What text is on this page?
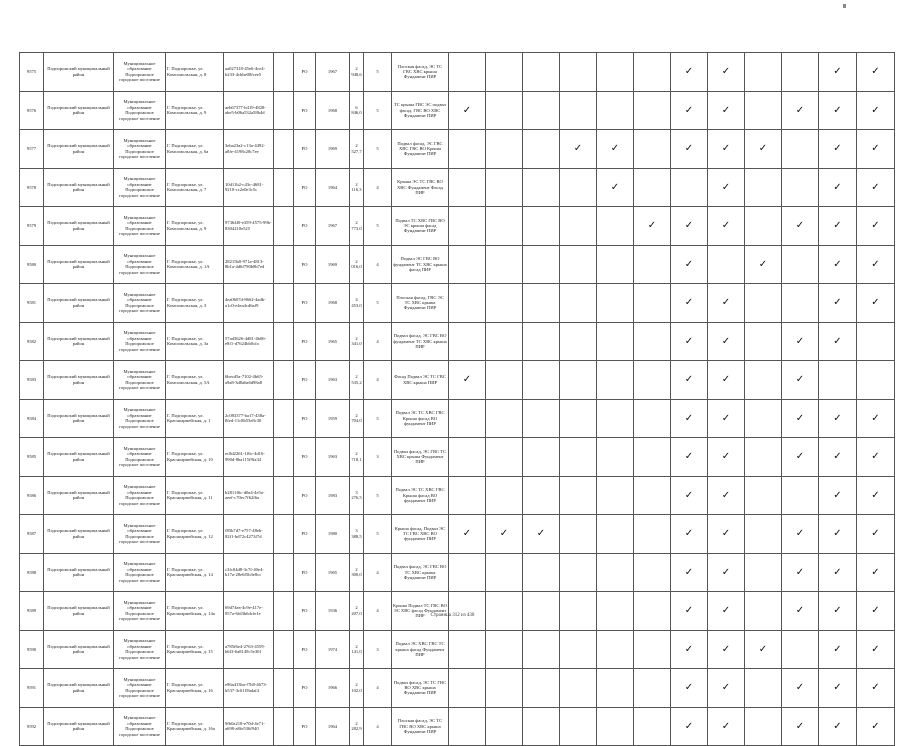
9575	Подпорожский муниципальный район	Муниципальное образование Подпорожское городское поселение	Г. Подпорожье, ул. Комсомольская, д. 8	aa027318-45e6-4ce4-b233-4cbbe08fcee5		РО	1967	2 948,6	5	Плоская фасад, ЭС ТС ГВС ХВС крыша Фундамент ПИР							✓	✓			✓	✓
9576	Подпорожский муниципальный район	Муниципальное образование Подпорожское городское поселение	Г. Подпорожье, ул. Комсомольская, д. 9	aeb67377-b419-4828-abe5-b06a532a58b4d		РО	1968	6 846,0	5	ТС крыша ГВС ЭС подвал фасад, ГВС ВО ХВС Фундамент ПИР	✓						✓	✓		✓	✓	✓
9577	Подпорожский муниципальный район	Муниципальное образование Подпорожское городское поселение	Г. Подпорожье, ул. Комсомольская, д. 6а	3eba23a2-c13a-4492-a8fe-4198c28c7ee		РО	1969	2 527,7	5	Подвал фасад, ЭС ГВС ХВС ГВС ВО Крыша Фундамент ПИР				✓	✓		✓	✓	✓		✓	✓
9578	Подпорожский муниципальный район	Муниципальное образование Подпорожское городское поселение	Г. Подпорожье, ул. Комсомольская, д. 7	10d11b2-c43c-4681-9210-cc2e0e3c5c		РО	1964	2 116,3	4	Крыша ЭС ТС ГВС ВО ХВС Фундамент Фасад ПИР					✓			✓			✓	✓
9579	Подпорожский муниципальный район	Муниципальное образование Подпорожское городское поселение	Г. Подпорожье, ул. Комсомольская, д. 9	97364f0-e359-4575-99b-8304210e525		РО	1967	2 773,0	5	Подвал ТС ХВС ГВС ВО ЭС крыша фасад Фундамент ПИР						✓	✓	✓		✓	✓	✓
9580	Подпорожский муниципальный район	Муниципальное образование Подпорожское городское поселение	Г. Подпорожье, ул. Комсомольская, д. 1А	28215b0-971a-4813-8b1a-4d6f790b8b7ed		РО	1969	2 016,0	4	Подвал ЭС ГВС ВО фундамент ТС ХВС крыша фасад ПИР							✓		✓		✓	✓
9581	Подпорожский муниципальный район	Муниципальное образование Подпорожское городское поселение	Г. Подпорожье, ул. Комсомольская, д. 3	4ea0607d-8662-4adb-a1c0-e4ea4cd6af9		РО	1968	4 453,0	5	Плоская фасад, ГВС ЭС ТС ХВС крыша Фундамент ПИР							✓	✓			✓	✓
9582	Подпорожский муниципальный район	Муниципальное образование Подпорожское городское поселение	Г. Подпорожье, ул. Комсомольская, д. 3а	57ad3626-4d81-4b06-e8f1-d7624bb0cfa		РО	1965	2 341,0	4	Подвал фасад, ЭС ГВС ВО фундамент ТС ХВС крыша ПИР							✓	✓		✓	✓	
9583	Подпорожский муниципальный район	Муниципальное образование Подпорожское городское поселение	Г. Подпорожье, ул. Комсомольская, д. 5А	6becd5a-7102-4b65-a9a8-3d8a6a6d98a8		РО	1963	2 535,2	4	Фасад Подвал ЭС ТС ГВС ХВС крыша ПИР	✓						✓	✓		✓		
9584	Подпорожский муниципальный район	Муниципальное образование Подпорожское городское поселение	Г. Подпорожье, ул. Красноармейская, д. 1	2c083377-ba17-438a-8fed-11c8b53e8c30		РО	1959	2 704,0	5	Подвал ЭС ТС ХВС ГВС Крыша фасад ВО фундамент ПИР							✓	✓		✓	✓	✓
9585	Подпорожский муниципальный район	Муниципальное образование Подпорожское городское поселение	Г. Подпорожье, ул. Красноармейская, д. 10	ec8d2261-1f6c-4d16-990d-8ba115f9fa34		РО	1963	2 718,1	3	Подвал фасад, ЭС ГВС ТС ХВС крыша Фундамент ПИР							✓	✓		✓	✓	✓
9586	Подпорожский муниципальный район	Муниципальное образование Подпорожское городское поселение	Г. Подпорожье, ул. Красноармейская, д. 11	b2811f6c-d0a4-4e5a-aeef-c70ec7f62f6a		РО	1983	3 276,5	5	Подвал ЭС ТС ХВС ГВС Крыша фасад ВО фундамент ПИР							✓	✓			✓	✓
9587	Подпорожский муниципальный район	Муниципальное образование Подпорожское городское поселение	Г. Подпорожье, ул. Красноармейская, д. 12	f85b7d7-e757-48eb-82f1-bd72c4273f7d		РО	1980	3 388,5	5	Крыша фасад, Подвал ЭС ТС ГВС ХВС ВО фундамент ПИР	✓	✓	✓				✓	✓		✓	✓	✓
9588	Подпорожский муниципальный район	Муниципальное образование Подпорожское городское поселение	Г. Подпорожье, ул. Красноармейская, д. 14	c3fc04d8-3c7f-40e4-b17a-28e6f5b3e8cc		РО	1965	2 300,0	4	Подвал фасад, ЭС ГВС ВО ТС ХВС крыша Фундамент ПИР							✓	✓		✓	✓	✓
9589	Подпорожский муниципальный район	Муниципальное образование Подпорожское городское поселение	Г. Подпорожье, ул. Красноармейская, д. 14а	69d74ea-4c9e-417e-957a-6fd3b6dcfe1e		РО	1936	2 207,0	4	Крыша Подвал ТС ГВС ВО ЭС ХВС фасад Фундамент ПИР							✓	✓		✓	✓	✓
9590	Подпорожский муниципальный район	Муниципальное образование Подпорожское городское поселение	Г. Подпорожье, ул. Красноармейская, д. 15	a785f6e4-2763-4559-b6f3-6a8149c5e30f		РО	1974	2 141,0	3	Подвал ЭС ХВС ГВС ТС крыша фасад Фундамент ПИР							✓	✓	✓		✓	✓
9591	Подпорожский муниципальный район	Муниципальное образование Подпорожское городское поселение	Г. Подпорожье, ул. Красноармейская, д. 16	e96a413ba-f7b8-4673-b537-3c61f5bdaf4		РО	1966	2 102,0	4	Подвал фасад, ЭС ТС ГВС ВО ХВС крыша Фундамент ПИР							✓	✓		✓	✓	✓
9592	Подпорожский муниципальный район	Муниципальное образование Подпорожское городское поселение	Г. Подпорожье, ул. Красноармейская, д. 16а	9fb0a218-e70d-4e71-a698-a8fe536f940		РО	1964	2 282,9	4	Плоская фасад, ЭС ТС ГВС ВО ХВС крыша Фундамент ПИР							✓	✓		✓	✓	✓
Страница 312 из 430
